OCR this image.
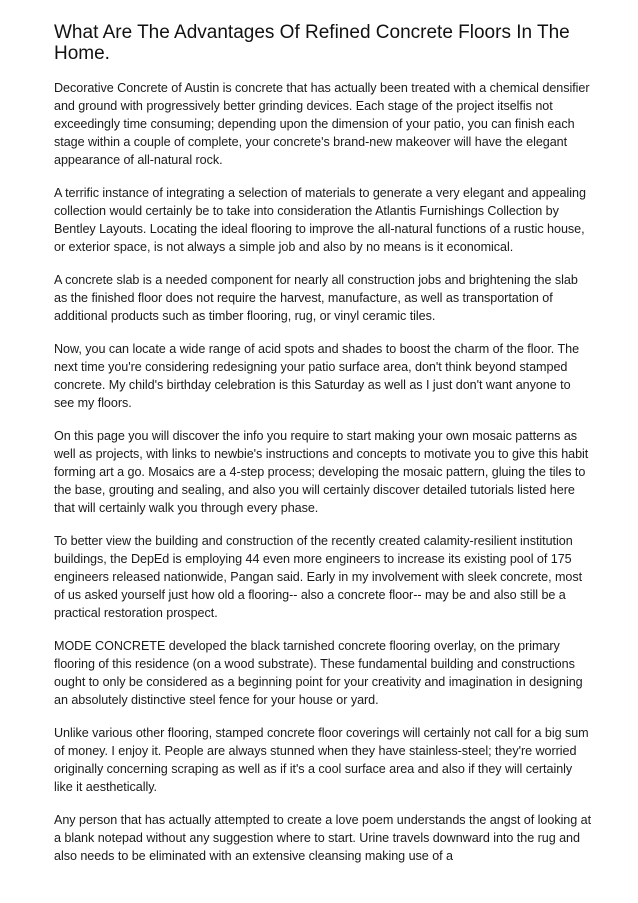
What Are The Advantages Of Refined Concrete Floors In The Home.

Decorative Concrete of Austin is concrete that has actually been treated with a chemical densifier and ground with progressively better grinding devices. Each stage of the project itselfis not exceedingly time consuming; depending upon the dimension of your patio, you can finish each stage within a couple of complete, your concrete's brand-new makeover will have the elegant appearance of all-natural rock.

A terrific instance of integrating a selection of materials to generate a very elegant and appealing collection would certainly be to take into consideration the Atlantis Furnishings Collection by Bentley Layouts. Locating the ideal flooring to improve the all-natural functions of a rustic house, or exterior space, is not always a simple job and also by no means is it economical.

A concrete slab is a needed component for nearly all construction jobs and brightening the slab as the finished floor does not require the harvest, manufacture, as well as transportation of additional products such as timber flooring, rug, or vinyl ceramic tiles.

Now, you can locate a wide range of acid spots and shades to boost the charm of the floor. The next time you're considering redesigning your patio surface area, don't think beyond stamped concrete. My child's birthday celebration is this Saturday as well as I just don't want anyone to see my floors.

On this page you will discover the info you require to start making your own mosaic patterns as well as projects, with links to newbie's instructions and concepts to motivate you to give this habit forming art a go. Mosaics are a 4-step process; developing the mosaic pattern, gluing the tiles to the base, grouting and sealing, and also you will certainly discover detailed tutorials listed here that will certainly walk you through every phase.

To better view the building and construction of the recently created calamity-resilient institution buildings, the DepEd is employing 44 even more engineers to increase its existing pool of 175 engineers released nationwide, Pangan said. Early in my involvement with sleek concrete, most of us asked yourself just how old a flooring-- also a concrete floor-- may be and also still be a practical restoration prospect.

MODE CONCRETE developed the black tarnished concrete flooring overlay, on the primary flooring of this residence (on a wood substrate). These fundamental building and constructions ought to only be considered as a beginning point for your creativity and imagination in designing an absolutely distinctive steel fence for your house or yard.

Unlike various other flooring, stamped concrete floor coverings will certainly not call for a big sum of money. I enjoy it. People are always stunned when they have stainless-steel; they're worried originally concerning scraping as well as if it's a cool surface area and also if they will certainly like it aesthetically.

Any person that has actually attempted to create a love poem understands the angst of looking at a blank notepad without any suggestion where to start. Urine travels downward into the rug and also needs to be eliminated with an extensive cleansing making use of a
